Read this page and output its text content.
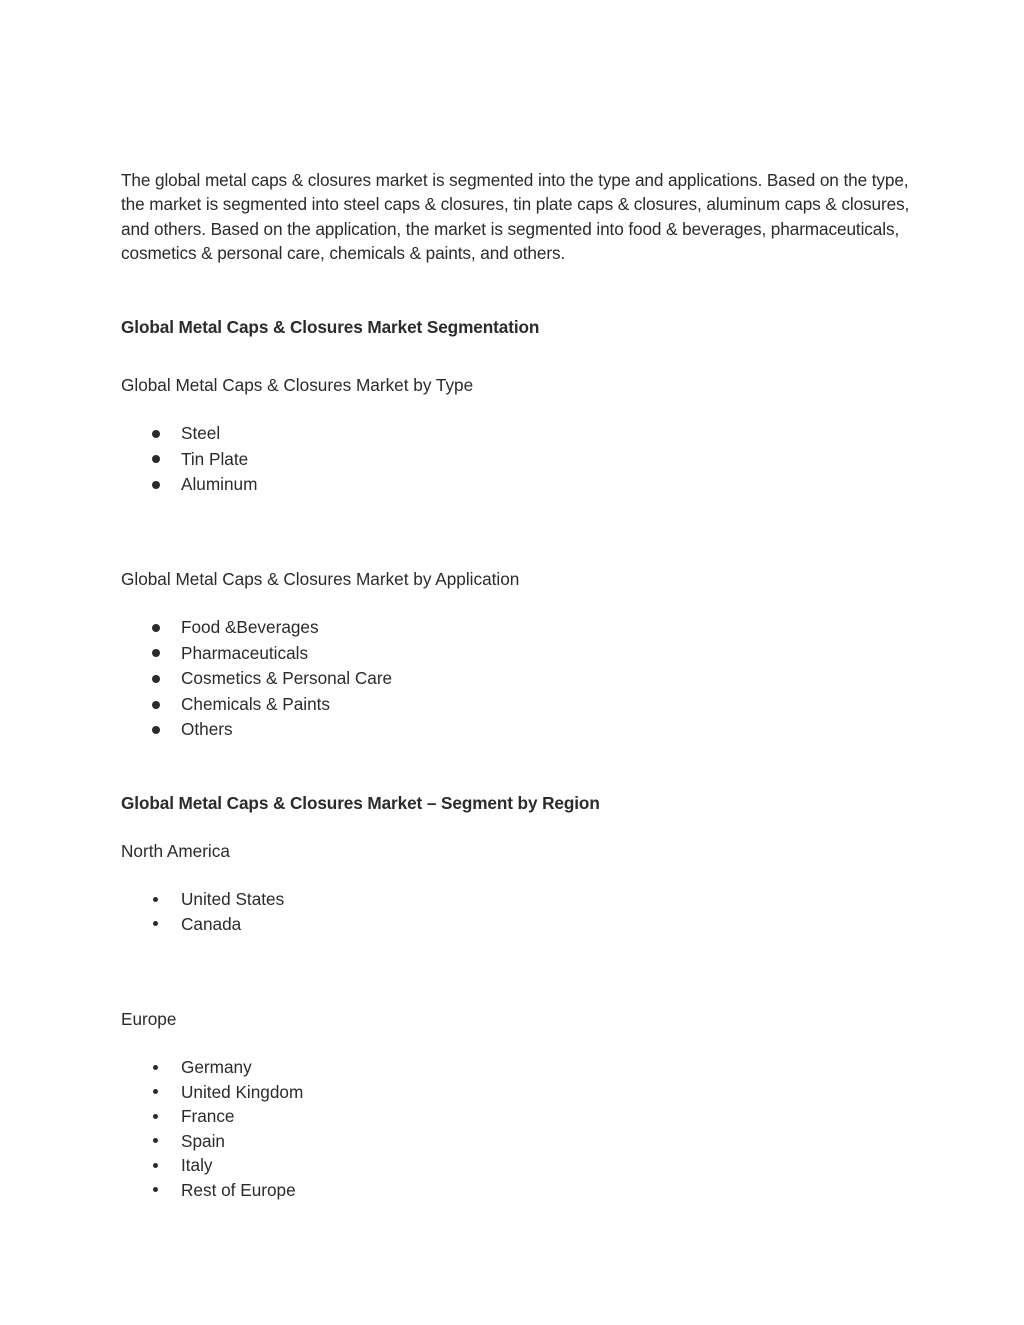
The global metal caps & closures market is segmented into the type and applications. Based on the type, the market is segmented into steel caps & closures, tin plate caps & closures, aluminum caps & closures, and others. Based on the application, the market is segmented into food & beverages, pharmaceuticals, cosmetics & personal care, chemicals & paints, and others.

Global Metal Caps & Closures Market Segmentation

Global Metal Caps & Closures Market by Type

Steel
Tin Plate
Aluminum

Global Metal Caps & Closures Market by Application

Food &Beverages
Pharmaceuticals
Cosmetics & Personal Care
Chemicals & Paints
Others
Global Metal Caps & Closures Market – Segment by Region

North America

United States
Canada

Europe

Germany
United Kingdom
France
Spain
Italy
Rest of Europe
